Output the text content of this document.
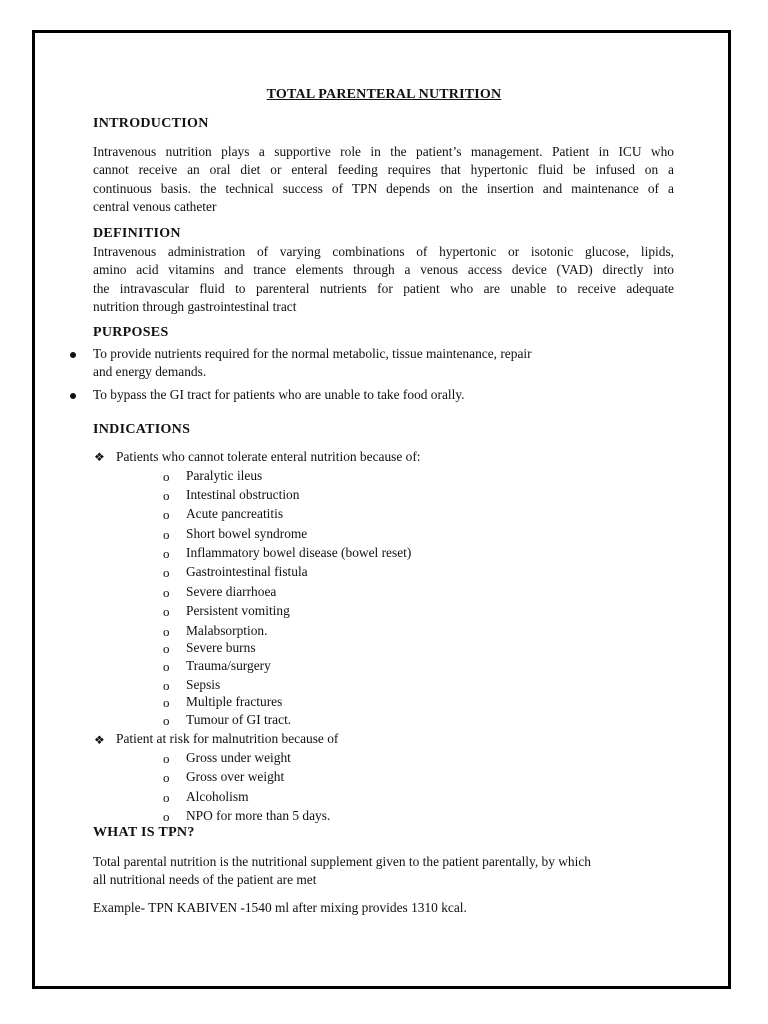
TOTAL PARENTERAL NUTRITION
INTRODUCTION

Intravenous nutrition plays a supportive role in the patient’s management. Patient in ICU who

cannot receive an oral diet or enteral feeding requires that hypertonic fluid be infused on a

continuous basis. the technical success of TPN depends on the insertion and maintenance of a

central venous catheter

DEFINITION

Intravenous administration of varying combinations of hypertonic or isotonic glucose, lipids,

amino acid vitamins and trance elements through a venous access device (VAD) directly into

the intravascular fluid to parenteral nutrients for patient who are unable to receive adequate

nutrition through gastrointestinal tract

PURPOSES
To provide nutrients required for the normal metabolic, tissue maintenance, repair
and energy demands.
To bypass the GI tract for patients who are unable to take food orally.
INDICATIONS
❖ Patients who cannot tolerate enteral nutrition because of:
o Paralytic ileus
o Intestinal obstruction
o Acute pancreatitis
o Short bowel syndrome
o Inflammatory bowel disease (bowel reset)
o Gastrointestinal fistula
o Severe diarrhoea
o Persistent vomiting
o Malabsorption.
o Severe burns
o Trauma/surgery
o Sepsis
o Multiple fractures
o Tumour of GI tract.
❖ Patient at risk for malnutrition because of
o Gross under weight
o Gross over weight
o Alcoholism
o NPO for more than 5 days.
WHAT IS TPN?

Total parental nutrition is the nutritional supplement given to the patient parentally, by which

all nutritional needs of the patient are met

Example- TPN KABIVEN -1540 ml after mixing provides 1310 kcal.
